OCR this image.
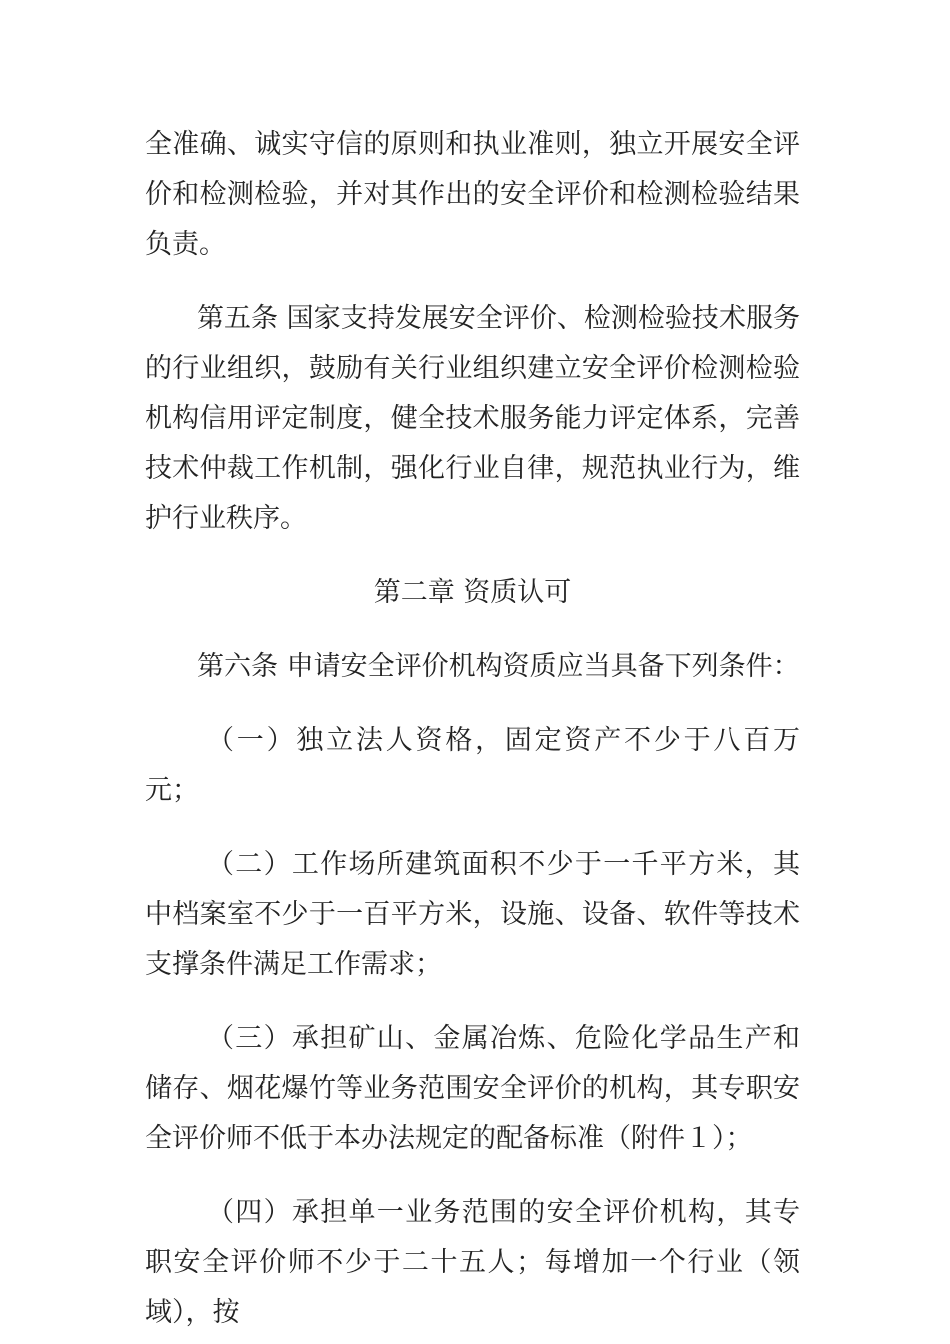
全准确、诚实守信的原则和执业准则，独立开展安全评价和检测检验，并对其作出的安全评价和检测检验结果负责。

第五条 国家支持发展安全评价、检测检验技术服务的行业组织，鼓励有关行业组织建立安全评价检测检验机构信用评定制度，健全技术服务能力评定体系，完善技术仲裁工作机制，强化行业自律，规范执业行为，维护行业秩序。

第二章 资质认可

第六条 申请安全评价机构资质应当具备下列条件：

（一）独立法人资格，固定资产不少于八百万元；

（二）工作场所建筑面积不少于一千平方米，其中档案室不少于一百平方米，设施、设备、软件等技术支撑条件满足工作需求；

（三）承担矿山、金属冶炼、危险化学品生产和储存、烟花爆竹等业务范围安全评价的机构，其专职安全评价师不低于本办法规定的配备标准（附件１）；

（四）承担单一业务范围的安全评价机构，其专职安全评价师不少于二十五人；每增加一个行业（领域），按
